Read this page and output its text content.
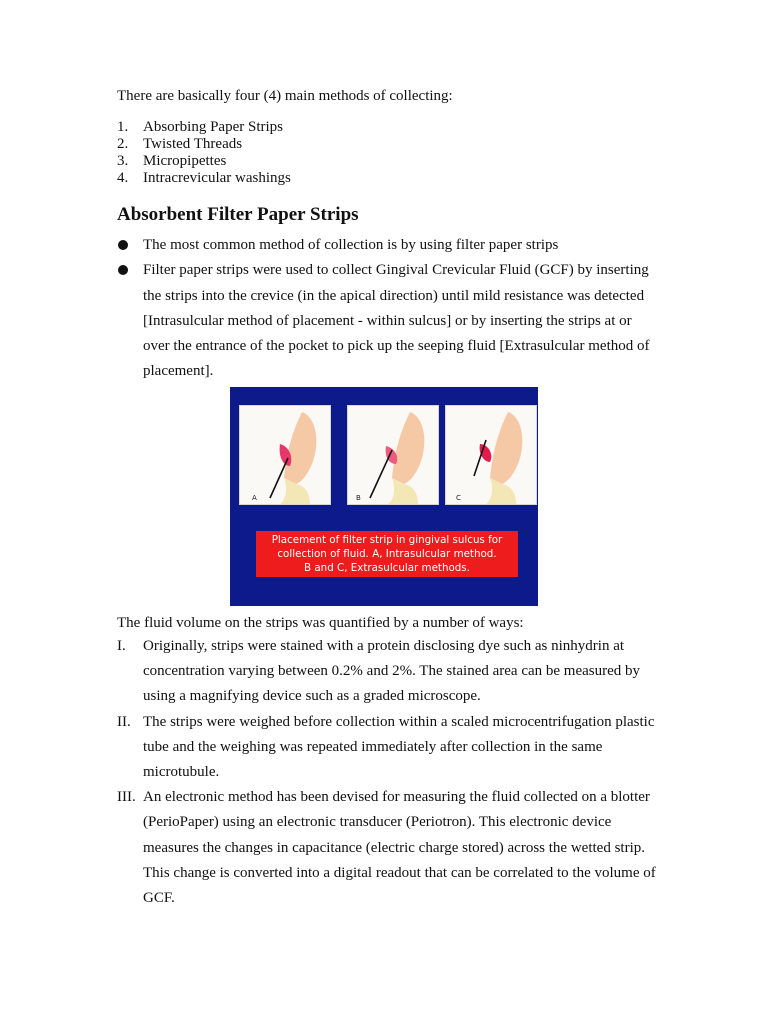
There are basically four (4) main methods of collecting:

1. Absorbing Paper Strips
2. Twisted Threads
3. Micropipettes
4. Intracrevicular washings
Absorbent Filter Paper Strips
The most common method of collection is by using filter paper strips
Filter paper strips were used to collect Gingival Crevicular Fluid (GCF) by inserting the strips into the crevice (in the apical direction) until mild resistance was detected [Intrasulcular method of placement - within sulcus] or by inserting the strips at or over the entrance of the pocket to pick up the seeping fluid [Extrasulcular method of placement].
A	B	C
Placement of filter strip in gingival sulcus for
collection of fluid. A, Intrasulcular method.
B and C, Extrasulcular methods.

The fluid volume on the strips was quantified by a number of ways:

I.	Originally, strips were stained with a protein disclosing dye such as ninhydrin at concentration varying between 0.2% and 2%. The stained area can be measured by using a magnifying device such as a graded microscope.
II. The strips were weighed before collection within a scaled microcentrifugation plastic tube and the weighing was repeated immediately after collection in the same microtubule.
III. An electronic method has been devised for measuring the fluid collected on a blotter (PerioPaper) using an electronic transducer (Periotron). This electronic device measures the changes in capacitance (electric charge stored) across the wetted strip. This change is converted into a digital readout that can be correlated to the volume of GCF.
